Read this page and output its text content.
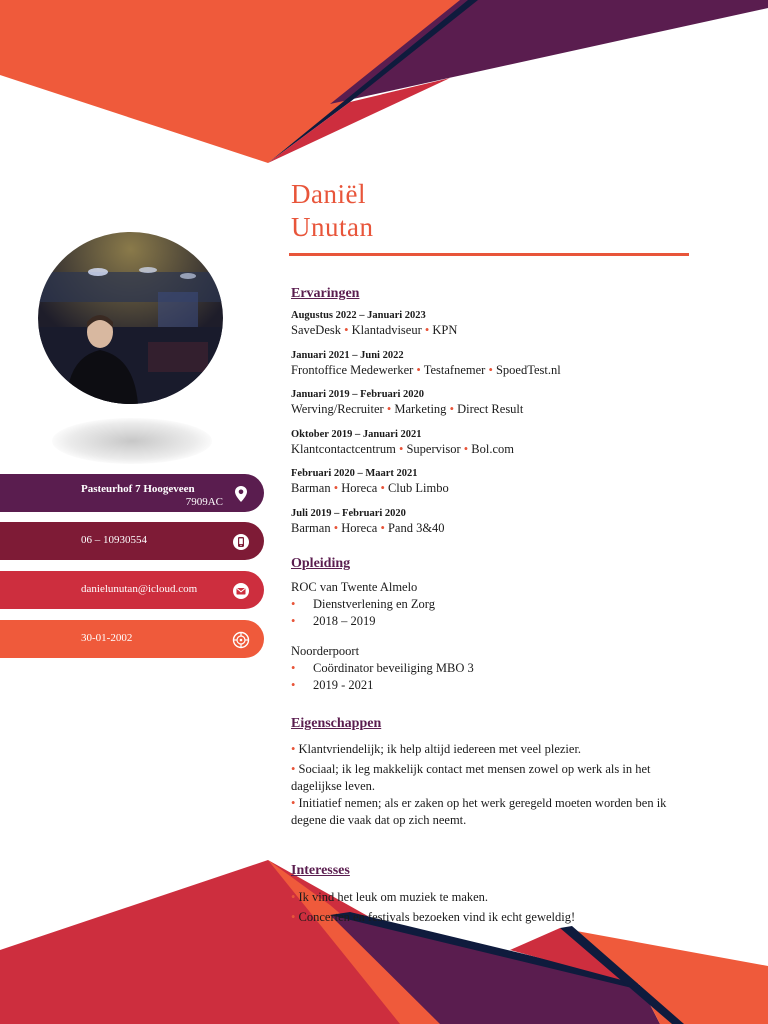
Daniël
Unutan
Pasteurhof 7 Hoogeveen
7909AC
06 – 10930554
danielunutan@icloud.com
30-01-2002
Ervaringen
Augustus 2022 – Januari 2023
SaveDesk • Klantadviseur • KPN
Januari 2021 – Juni 2022
Frontoffice Medewerker • Testafnemer • SpoedTest.nl
Januari 2019 – Februari 2020
Werving/Recruiter • Marketing • Direct Result
Oktober 2019 – Januari 2021
Klantcontactcentrum • Supervisor • Bol.com
Februari 2020 – Maart 2021
Barman • Horeca • Club Limbo
Juli 2019 – Februari 2020
Barman • Horeca • Pand 3&40
Opleiding
ROC van Twente Almelo
• Dienstverlening en Zorg
• 2018 – 2019
Noorderpoort
• Coördinator beveiliging MBO 3
• 2019 - 2021
Eigenschappen
• Klantvriendelijk; ik help altijd iedereen met veel plezier.
• Sociaal; ik leg makkelijk contact met mensen zowel op werk als in het dagelijkse leven.
• Initiatief nemen; als er zaken op het werk geregeld moeten worden ben ik degene die vaak dat op zich neemt.
Interesses
• Ik vind het leuk om muziek te maken.
• Concerten en festivals bezoeken vind ik echt geweldig!
